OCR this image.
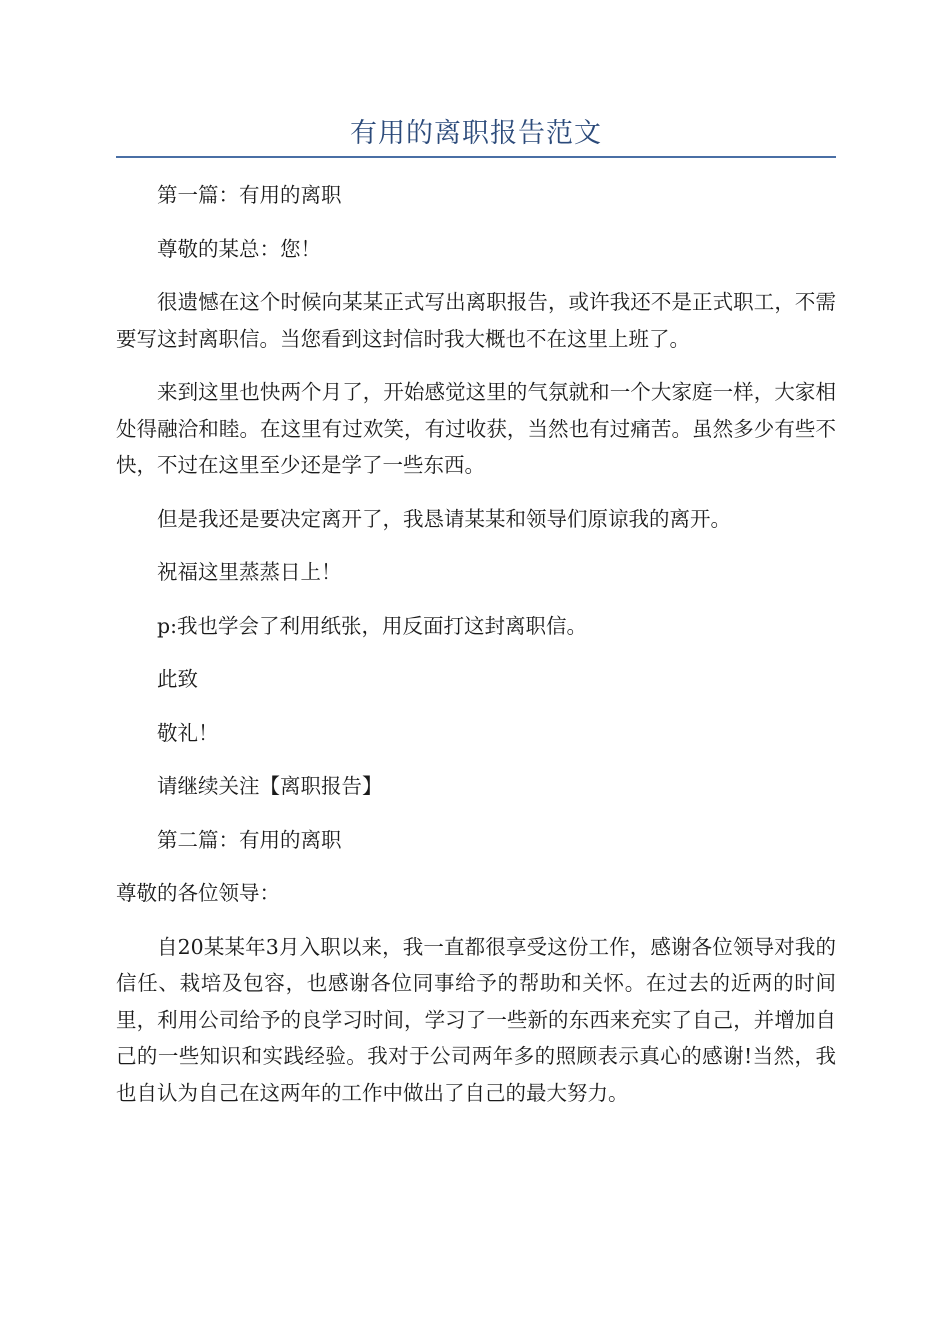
有用的离职报告范文

第一篇：有用的离职

尊敬的某总：您！

很遗憾在这个时候向某某正式写出离职报告，或许我还不是正式职工，不需要写这封离职信。当您看到这封信时我大概也不在这里上班了。

来到这里也快两个月了，开始感觉这里的气氛就和一个大家庭一样，大家相处得融洽和睦。在这里有过欢笑，有过收获，当然也有过痛苦。虽然多少有些不快，不过在这里至少还是学了一些东西。

但是我还是要决定离开了，我恳请某某和领导们原谅我的离开。

祝福这里蒸蒸日上！

p:我也学会了利用纸张，用反面打这封离职信。

此致

敬礼！

请继续关注【离职报告】

第二篇：有用的离职

尊敬的各位领导：

自20某某年3月入职以来，我一直都很享受这份工作，感谢各位领导对我的信任、栽培及包容，也感谢各位同事给予的帮助和关怀。在过去的近两的时间里，利用公司给予的良学习时间，学习了一些新的东西来充实了自己，并增加自己的一些知识和实践经验。我对于公司两年多的照顾表示真心的感谢!当然，我也自认为自己在这两年的工作中做出了自己的最大努力。
